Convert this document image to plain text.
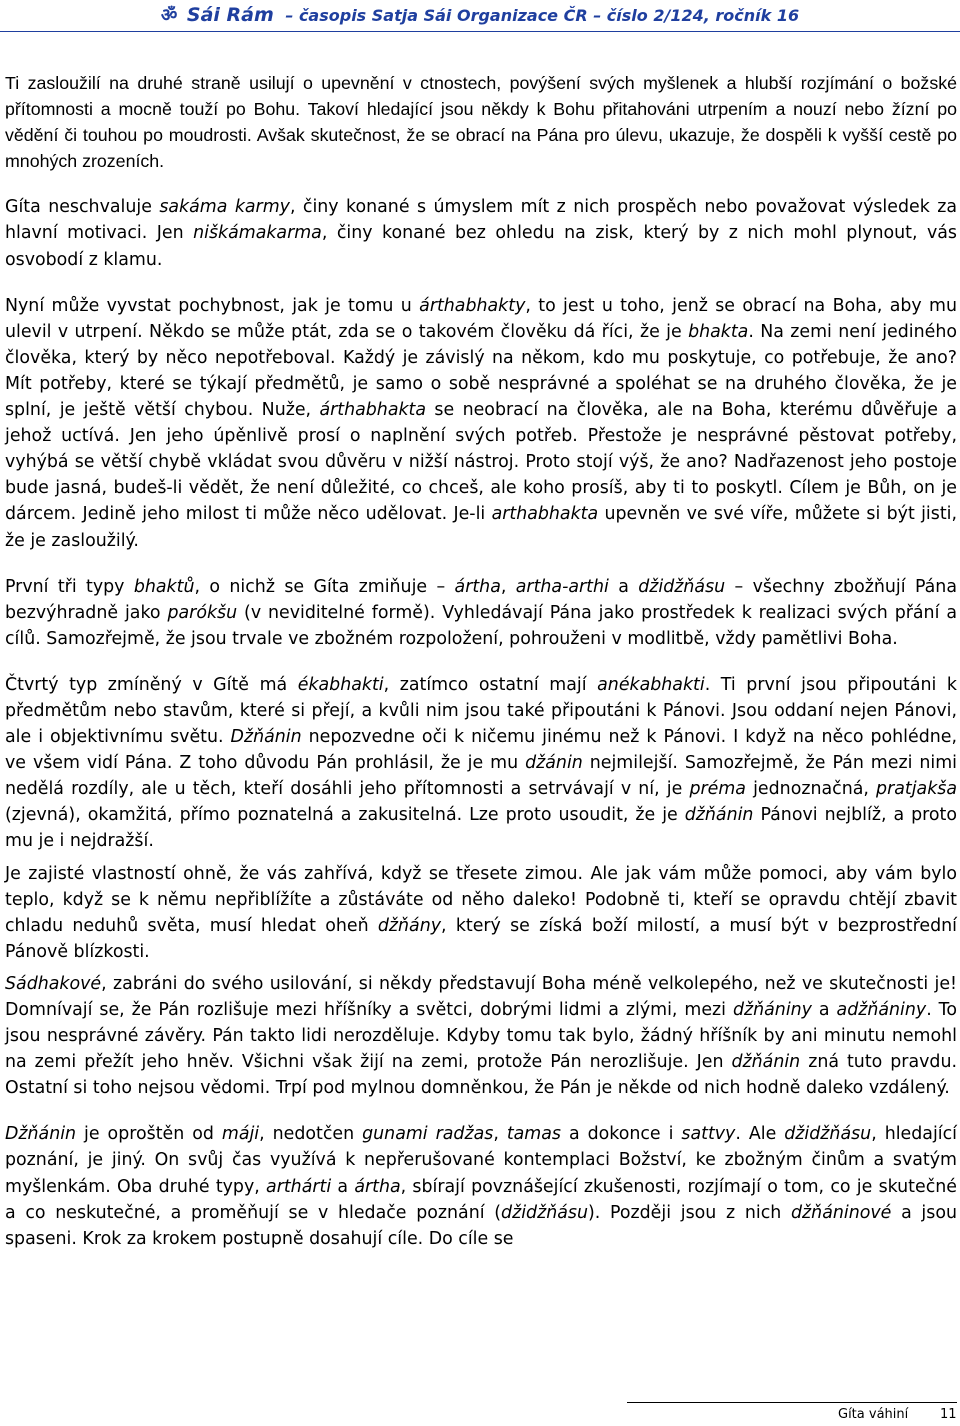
ॐ Sái Rám – časopis Satja Sái Organizace ČR – číslo 2/124, ročník 16

Ti zasloužilí na druhé straně usilují o upevnění v ctnostech, povýšení svých myšlenek a hlubší rozjímání o božské přítomnosti a mocně touží po Bohu. Takoví hledající jsou někdy k Bohu přitahováni utrpením a nouzí nebo žízní po vědění či touhou po moudrosti. Avšak skutečnost, že se obrací na Pána pro úlevu, ukazuje, že dospěli k vyšší cestě po mnohých zrozeních.

Gíta neschvaluje sakáma karmy, činy konané s úmyslem mít z nich prospěch nebo považovat výsledek za hlavní motivaci. Jen niškámakarma, činy konané bez ohledu na zisk, který by z nich mohl plynout, vás osvobodí z klamu.

Nyní může vyvstat pochybnost, jak je tomu u árthabhakty, to jest u toho, jenž se obrací na Boha, aby mu ulevil v utrpení. Někdo se může ptát, zda se o takovém člověku dá říci, že je bhakta. Na zemi není jediného člověka, který by něco nepotřeboval. Každý je závislý na někom, kdo mu poskytuje, co potřebuje, že ano? Mít potřeby, které se týkají předmětů, je samo o sobě nesprávné a spoléhat se na druhého člověka, že je splní, je ještě větší chybou. Nuže, árthabhakta se neobrací na člověka, ale na Boha, kterému důvěřuje a jehož uctívá. Jen jeho úpěnlivě prosí o naplnění svých potřeb. Přestože je nesprávné pěstovat potřeby, vyhýbá se větší chybě vkládat svou důvěru v nižší nástroj. Proto stojí výš, že ano? Nadřazenost jeho postoje bude jasná, budeš-li vědět, že není důležité, co chceš, ale koho prosíš, aby ti to poskytl. Cílem je Bůh, on je dárcem. Jedině jeho milost ti může něco udělovat. Je-li arthabhakta upevněn ve své víře, můžete si být jisti, že je zasloužilý.

První tři typy bhaktů, o nichž se Gíta zmiňuje – ártha, artha-arthi a džidžňásu – všechny zbožňují Pána bezvýhradně jako parókšu (v neviditelné formě). Vyhledávají Pána jako prostředek k realizaci svých přání a cílů. Samozřejmě, že jsou trvale ve zbožném rozpoložení, pohrouženi v modlitbě, vždy pamětlivi Boha.

Čtvrtý typ zmíněný v Gítě má ékabhakti, zatímco ostatní mají anékabhakti. Ti první jsou připoutáni k předmětům nebo stavům, které si přejí, a kvůli nim jsou také připoutáni k Pánovi. Jsou oddaní nejen Pánovi, ale i objektivnímu světu. Džňánin nepozvedne oči k ničemu jinému než k Pánovi. I když na něco pohlédne, ve všem vidí Pána. Z toho důvodu Pán prohlásil, že je mu džánin nejmilejší. Samozřejmě, že Pán mezi nimi nedělá rozdíly, ale u těch, kteří dosáhli jeho přítomnosti a setrvávají v ní, je préma jednoznačná, pratjakša (zjevná), okamžitá, přímo poznatelná a zakusitelná. Lze proto usoudit, že je džňánin Pánovi nejblíž, a proto mu je i nejdražší.

Je zajisté vlastností ohně, že vás zahřívá, když se třesete zimou. Ale jak vám může pomoci, aby vám bylo teplo, když se k němu nepřiblížíte a zůstáváte od něho daleko! Podobně ti, kteří se opravdu chtějí zbavit chladu neduhů světa, musí hledat oheň džňány, který se získá boží milostí, a musí být v bezprostřední Pánově blízkosti.

Sádhakové, zabráni do svého usilování, si někdy představují Boha méně velkolepého, než ve skutečnosti je! Domnívají se, že Pán rozlišuje mezi hříšníky a světci, dobrými lidmi a zlými, mezi džňániny a adžňániny. To jsou nesprávné závěry. Pán takto lidi nerozděluje. Kdyby tomu tak bylo, žádný hříšník by ani minutu nemohl na zemi přežít jeho hněv. Všichni však žijí na zemi, protože Pán nerozlišuje. Jen džňánin zná tuto pravdu. Ostatní si toho nejsou vědomi. Trpí pod mylnou domněnkou, že Pán je někde od nich hodně daleko vzdálený.

Džňánin je oproštěn od máji, nedotčen gunami radžas, tamas a dokonce i sattvy. Ale džidžňásu, hledající poznání, je jiný. On svůj čas využívá k nepřerušované kontemplaci Božství, ke zbožným činům a svatým myšlenkám. Oba druhé typy, arthárti a ártha, sbírají povznášející zkušenosti, rozjímají o tom, co je skutečné a co neskutečné, a proměňují se v hledače poznání (džidžňásu). Později jsou z nich džňáninové a jsou spaseni. Krok za krokem postupně dosahují cíle. Do cíle se

Gíta váhiní 11
